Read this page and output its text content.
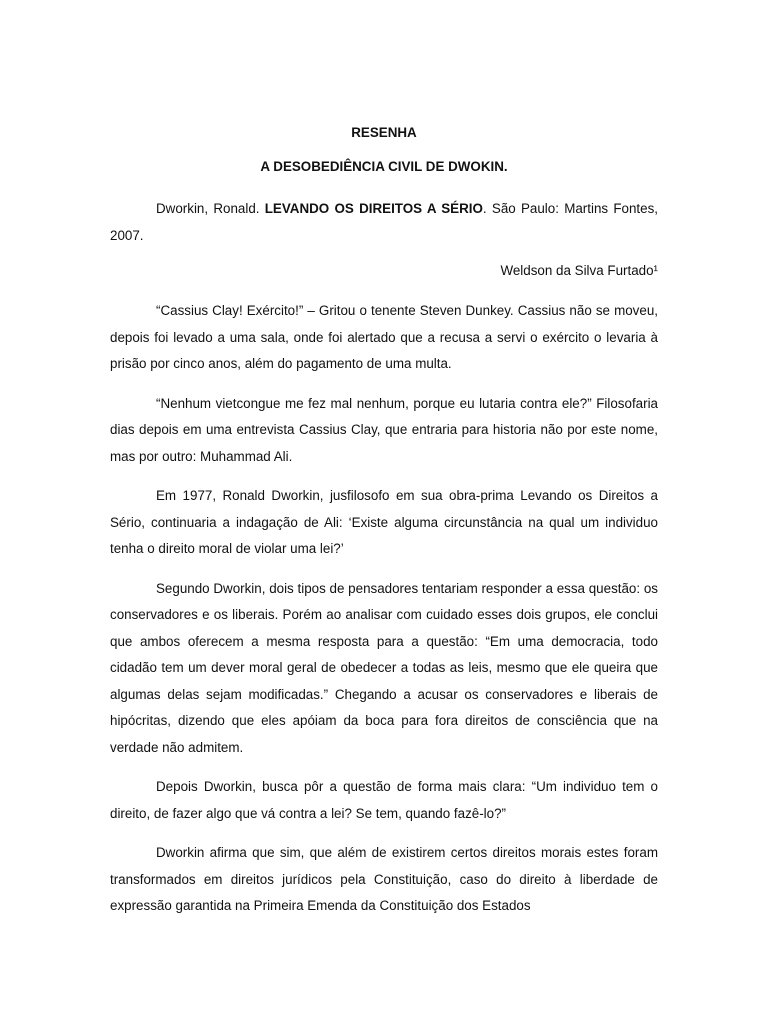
RESENHA

A DESOBEDIÊNCIA CIVIL DE DWOKIN.

Dworkin, Ronald. LEVANDO OS DIREITOS A SÉRIO. São Paulo: Martins Fontes, 2007.

Weldson da Silva Furtado¹

“Cassius Clay! Exército!” – Gritou o tenente Steven Dunkey. Cassius não se moveu, depois foi levado a uma sala, onde foi alertado que a recusa a servi o exército o levaria à prisão por cinco anos, além do pagamento de uma multa.

“Nenhum vietcongue me fez mal nenhum, porque eu lutaria contra ele?” Filosofaria dias depois em uma entrevista Cassius Clay, que entraria para historia não por este nome, mas por outro: Muhammad Ali.

Em 1977, Ronald Dworkin, jusfilosofo em sua obra-prima Levando os Direitos a Sério, continuaria a indagação de Ali: ‘Existe alguma circunstância na qual um individuo tenha o direito moral de violar uma lei?’

Segundo Dworkin, dois tipos de pensadores tentariam responder a essa questão: os conservadores e os liberais. Porém ao analisar com cuidado esses dois grupos, ele conclui que ambos oferecem a mesma resposta para a questão: “Em uma democracia, todo cidadão tem um dever moral geral de obedecer a todas as leis, mesmo que ele queira que algumas delas sejam modificadas.” Chegando a acusar os conservadores e liberais de hipócritas, dizendo que eles apóiam da boca para fora direitos de consciência que na verdade não admitem.

Depois Dworkin, busca pôr a questão de forma mais clara: “Um individuo tem o direito, de fazer algo que vá contra a lei? Se tem, quando fazê-lo?”

Dworkin afirma que sim, que além de existirem certos direitos morais estes foram transformados em direitos jurídicos pela Constituição, caso do direito à liberdade de expressão garantida na Primeira Emenda da Constituição dos Estados
